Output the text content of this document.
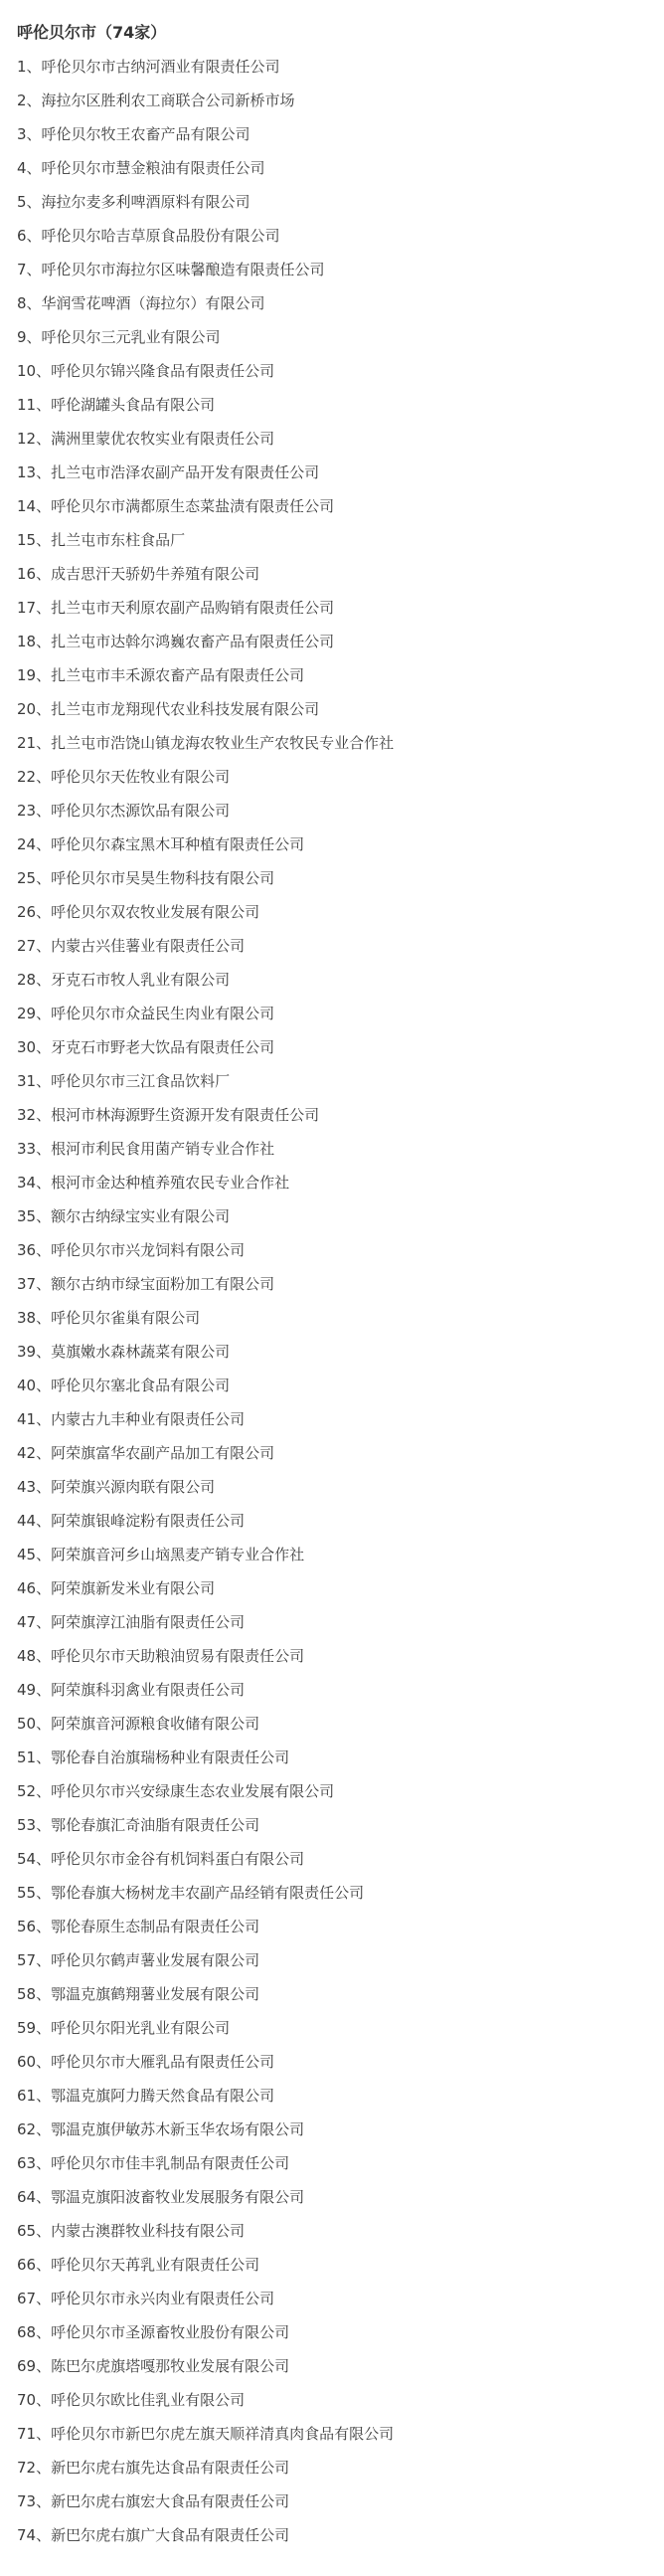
呼伦贝尔市（74家）
1、呼伦贝尔市古纳河酒业有限责任公司
2、海拉尔区胜利农工商联合公司新桥市场
3、呼伦贝尔牧王农畜产品有限公司
4、呼伦贝尔市慧金粮油有限责任公司
5、海拉尔麦多利啤酒原料有限公司
6、呼伦贝尔哈吉草原食品股份有限公司
7、呼伦贝尔市海拉尔区味馨酿造有限责任公司
8、华润雪花啤酒（海拉尔）有限公司
9、呼伦贝尔三元乳业有限公司
10、呼伦贝尔锦兴隆食品有限责任公司
11、呼伦湖罐头食品有限公司
12、满洲里蒙优农牧实业有限责任公司
13、扎兰屯市浩泽农副产品开发有限责任公司
14、呼伦贝尔市满都原生态菜盐渍有限责任公司
15、扎兰屯市东柱食品厂
16、成吉思汗天骄奶牛养殖有限公司
17、扎兰屯市天利原农副产品购销有限责任公司
18、扎兰屯市达斡尔鸿巍农畜产品有限责任公司
19、扎兰屯市丰禾源农畜产品有限责任公司
20、扎兰屯市龙翔现代农业科技发展有限公司
21、扎兰屯市浩饶山镇龙海农牧业生产农牧民专业合作社
22、呼伦贝尔天佐牧业有限公司
23、呼伦贝尔杰源饮品有限公司
24、呼伦贝尔森宝黑木耳种植有限责任公司
25、呼伦贝尔市吴昊生物科技有限公司
26、呼伦贝尔双农牧业发展有限公司
27、内蒙古兴佳薯业有限责任公司
28、牙克石市牧人乳业有限公司
29、呼伦贝尔市众益民生肉业有限公司
30、牙克石市野老大饮品有限责任公司
31、呼伦贝尔市三江食品饮料厂
32、根河市林海源野生资源开发有限责任公司
33、根河市利民食用菌产销专业合作社
34、根河市金达种植养殖农民专业合作社
35、额尔古纳绿宝实业有限公司
36、呼伦贝尔市兴龙饲料有限公司
37、额尔古纳市绿宝面粉加工有限公司
38、呼伦贝尔雀巢有限公司
39、莫旗嫩水森林蔬菜有限公司
40、呼伦贝尔塞北食品有限公司
41、内蒙古九丰种业有限责任公司
42、阿荣旗富华农副产品加工有限公司
43、阿荣旗兴源肉联有限公司
44、阿荣旗银峰淀粉有限责任公司
45、阿荣旗音河乡山垴黑麦产销专业合作社
46、阿荣旗新发米业有限公司
47、阿荣旗淳江油脂有限责任公司
48、呼伦贝尔市天助粮油贸易有限责任公司
49、阿荣旗科羽禽业有限责任公司
50、阿荣旗音河源粮食收储有限公司
51、鄂伦春自治旗瑞杨种业有限责任公司
52、呼伦贝尔市兴安绿康生态农业发展有限公司
53、鄂伦春旗汇奇油脂有限责任公司
54、呼伦贝尔市金谷有机饲料蛋白有限公司
55、鄂伦春旗大杨树龙丰农副产品经销有限责任公司
56、鄂伦春原生态制品有限责任公司
57、呼伦贝尔鹤声薯业发展有限公司
58、鄂温克旗鹤翔薯业发展有限公司
59、呼伦贝尔阳光乳业有限公司
60、呼伦贝尔市大雁乳品有限责任公司
61、鄂温克旗阿力腾天然食品有限公司
62、鄂温克旗伊敏苏木新玉华农场有限公司
63、呼伦贝尔市佳丰乳制品有限责任公司
64、鄂温克旗阳波畜牧业发展服务有限公司
65、内蒙古澳群牧业科技有限公司
66、呼伦贝尔天苒乳业有限责任公司
67、呼伦贝尔市永兴肉业有限责任公司
68、呼伦贝尔市圣源畜牧业股份有限公司
69、陈巴尔虎旗塔嘎那牧业发展有限公司
70、呼伦贝尔欧比佳乳业有限公司
71、呼伦贝尔市新巴尔虎左旗天顺祥清真肉食品有限公司
72、新巴尔虎右旗先达食品有限责任公司
73、新巴尔虎右旗宏大食品有限责任公司
74、新巴尔虎右旗广大食品有限责任公司
